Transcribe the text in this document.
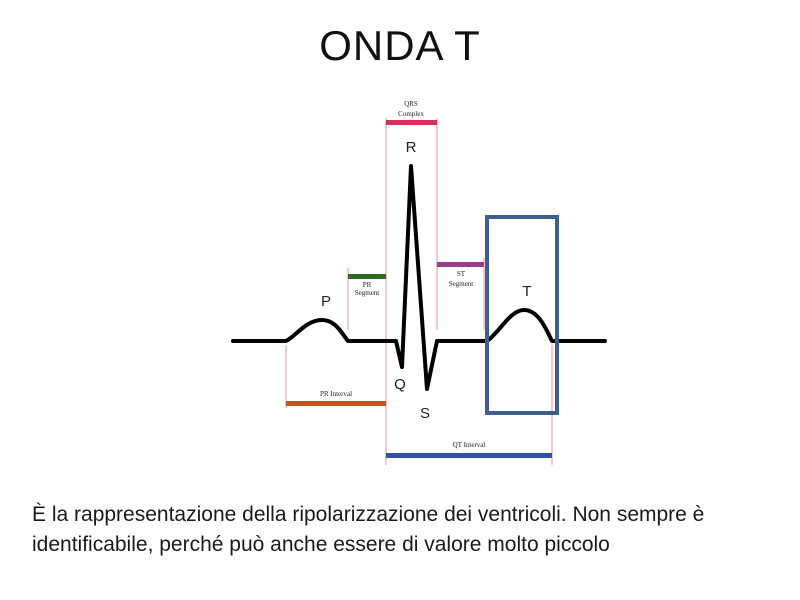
ONDA T
QRS
Complex
PR
Segment
ST
Segment
PR Interval
QT Interval
P
Q
R
S
T
È la rappresentazione della ripolarizzazione dei ventricoli. Non sempre è identificabile, perché può anche essere di valore molto piccolo
